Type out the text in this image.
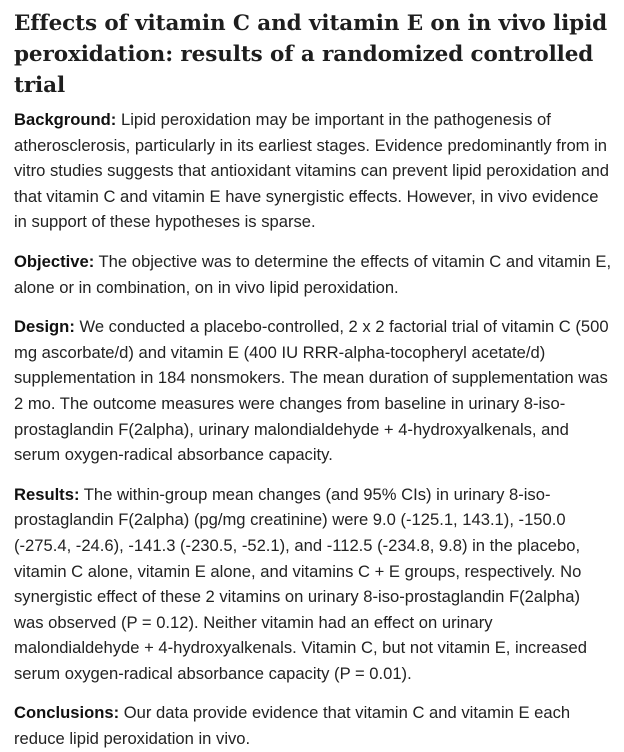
Effects of vitamin C and vitamin E on in vivo lipid peroxidation: results of a randomized controlled trial

Background: Lipid peroxidation may be important in the pathogenesis of atherosclerosis, particularly in its earliest stages. Evidence predominantly from in vitro studies suggests that antioxidant vitamins can prevent lipid peroxidation and that vitamin C and vitamin E have synergistic effects. However, in vivo evidence in support of these hypotheses is sparse.

Objective: The objective was to determine the effects of vitamin C and vitamin E, alone or in combination, on in vivo lipid peroxidation.

Design: We conducted a placebo-controlled, 2 x 2 factorial trial of vitamin C (500 mg ascorbate/d) and vitamin E (400 IU RRR-alpha-tocopheryl acetate/d) supplementation in 184 nonsmokers. The mean duration of supplementation was 2 mo. The outcome measures were changes from baseline in urinary 8-iso-prostaglandin F(2alpha), urinary malondialdehyde + 4-hydroxyalkenals, and serum oxygen-radical absorbance capacity.

Results: The within-group mean changes (and 95% CIs) in urinary 8-iso-prostaglandin F(2alpha) (pg/mg creatinine) were 9.0 (-125.1, 143.1), -150.0 (-275.4, -24.6), -141.3 (-230.5, -52.1), and -112.5 (-234.8, 9.8) in the placebo, vitamin C alone, vitamin E alone, and vitamins C + E groups, respectively. No synergistic effect of these 2 vitamins on urinary 8-iso-prostaglandin F(2alpha) was observed (P = 0.12). Neither vitamin had an effect on urinary malondialdehyde + 4-hydroxyalkenals. Vitamin C, but not vitamin E, increased serum oxygen-radical absorbance capacity (P = 0.01).

Conclusions: Our data provide evidence that vitamin C and vitamin E each reduce lipid peroxidation in vivo.
